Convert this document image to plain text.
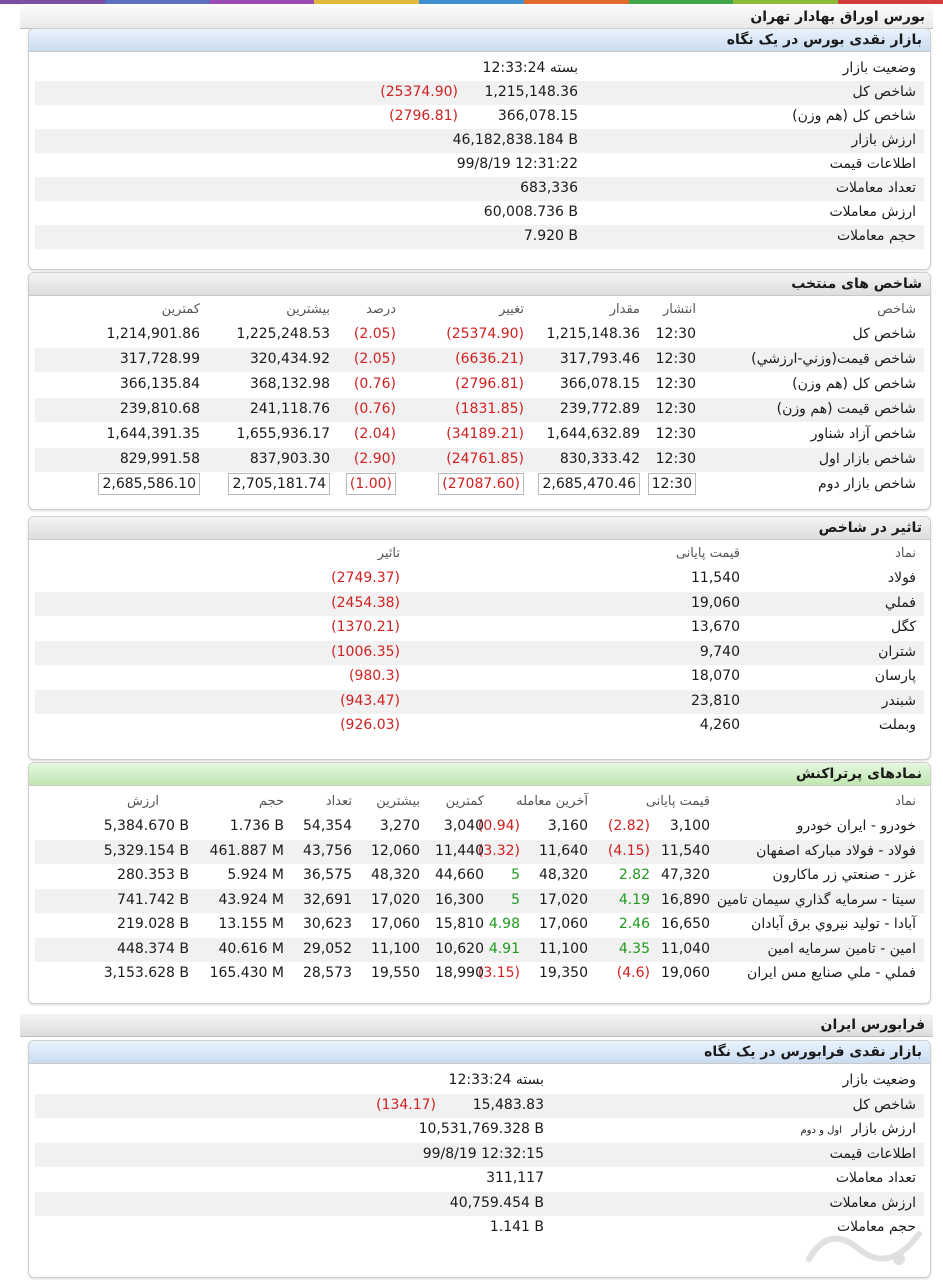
بورس اوراق بهادار تهران
بازار نقدی بورس در یک نگاه
وضعیت بازار
بسته 12:33:24
شاخص کل
1,215,148.36
(25374.90)
شاخص کل (هم وزن)
366,078.15
(2796.81)
ارزش بازار
46,182,838.184 B
اطلاعات قیمت
99/8/19 12:31:22
تعداد معاملات
683,336
ارزش معاملات
60,008.736 B
حجم معاملات
7.920 B
شاخص های منتخب
شاخص
انتشار
مقدار
تغییر
درصد
بیشترین
کمترین
شاخص کل
12:30
1,215,148.36
(25374.90)
(2.05)
1,225,248.53
1,214,901.86
شاخص قیمت(وزني-ارزشي)
12:30
317,793.46
(6636.21)
(2.05)
320,434.92
317,728.99
شاخص کل (هم وزن)
12:30
366,078.15
(2796.81)
(0.76)
368,132.98
366,135.84
شاخص قیمت (هم وزن)
12:30
239,772.89
(1831.85)
(0.76)
241,118.76
239,810.68
شاخص آزاد شناور
12:30
1,644,632.89
(34189.21)
(2.04)
1,655,936.17
1,644,391.35
شاخص بازار اول
12:30
830,333.42
(24761.85)
(2.90)
837,903.30
829,991.58
شاخص بازار دوم
12:30
2,685,470.46
(27087.60)
(1.00)
2,705,181.74
2,685,586.10
تاثیر در شاخص
نماد
قیمت پایانی
تاثیر
فولاد
11,540
(2749.37)
فملي
19,060
(2454.38)
کگل
13,670
(1370.21)
شتران
9,740
(1006.35)
پارسان
18,070
(980.3)
شبندر
23,810
(943.47)
وبملت
4,260
(926.03)
نمادهای پرتراکنش
نماد
قیمت پایانی
آخرین معامله
کمترین
بیشترین
تعداد
حجم
ارزش
خودرو - ایران خودرو
3,100
(2.82)
3,160
(0.94)
3,040
3,270
54,354
1.736 B
5,384.670 B
فولاد - فولاد مبارکه اصفهان
11,540
(4.15)
11,640
(3.32)
11,440
12,060
43,756
461.887 M
5,329.154 B
غزر - صنعتي زر ماکارون
47,320
2.82
48,320
5
44,660
48,320
36,575
5.924 M
280.353 B
سيتا - سرمايه گذاري سيمان تامين
16,890
4.19
17,020
5
16,300
17,020
32,691
43.924 M
741.742 B
آبادا - توليد نيروي برق آبادان
16,650
2.46
17,060
4.98
15,810
17,060
30,623
13.155 M
219.028 B
امين - تامين سرمايه امين
11,040
4.35
11,100
4.91
10,620
11,100
29,052
40.616 M
448.374 B
فملي - ملي صنايع مس ايران
19,060
(4.6)
19,350
(3.15)
18,990
19,550
28,573
165.430 M
3,153.628 B
فرابورس ایران
بازار نقدی فرابورس در یک نگاه
وضعیت بازار
بسته 12:33:24
شاخص کل
15,483.83
(134.17)
ارزش بازار
اول و دوم
10,531,769.328 B
اطلاعات قیمت
99/8/19 12:32:15
تعداد معاملات
311,117
ارزش معاملات
40,759.454 B
حجم معاملات
1.141 B
